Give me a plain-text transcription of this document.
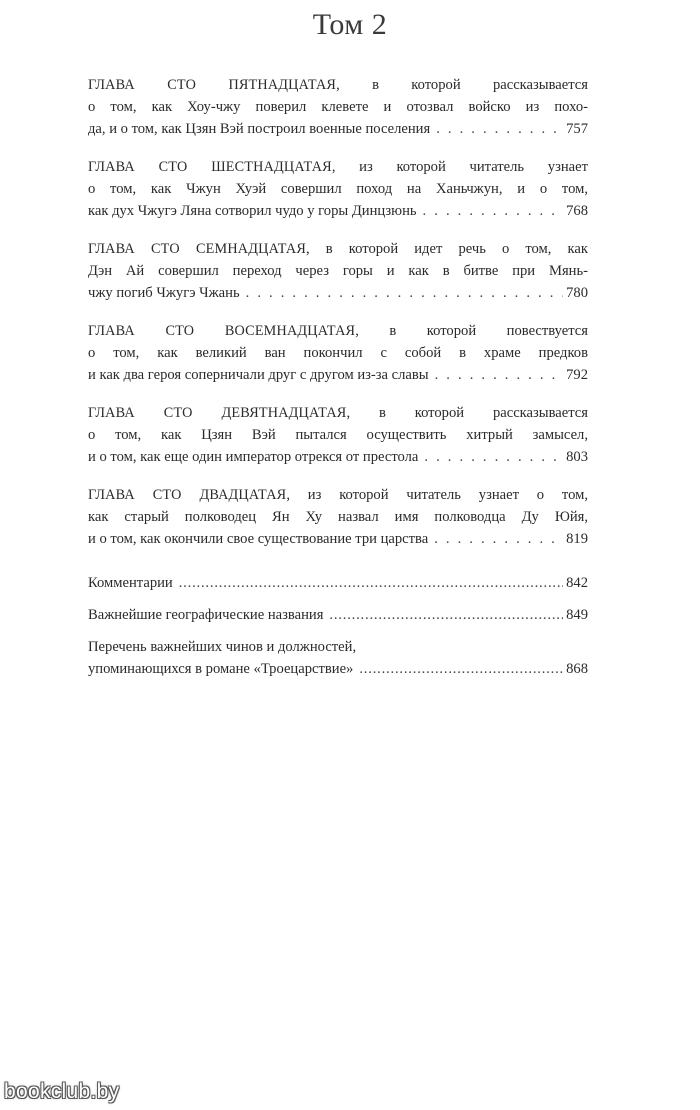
Том 2
ГЛАВА СТО ПЯТНАДЦАТАЯ, в которой рассказывается
о том, как Хоу-чжу поверил клевете и отозвал войско из похо-
да, и о том, как Цзян Вэй построил военные поселения . . .	757
ГЛАВА СТО ШЕСТНАДЦАТАЯ, из которой читатель узнает
о том, как Чжун Хуэй совершил поход на Ханьчжун, и о том,
как дух Чжугэ Ляна сотворил чудо у горы Динцзюнь . . .	768
ГЛАВА СТО СЕМНАДЦАТАЯ, в которой идет речь о том, как
Дэн Ай совершил переход через горы и как в битве при Мянь-
чжу погиб Чжугэ Чжань . . .	780
ГЛАВА СТО ВОСЕМНАДЦАТАЯ, в которой повествуется
о том, как великий ван покончил с собой в храме предков
и как два героя соперничали друг с другом из-за славы . . .	792
ГЛАВА СТО ДЕВЯТНАДЦАТАЯ, в которой рассказывается
о том, как Цзян Вэй пытался осуществить хитрый замысел,
и о том, как еще один император отрекся от престола . . .	803
ГЛАВА СТО ДВАДЦАТАЯ, из которой читатель узнает о том,
как старый полководец Ян Ху назвал имя полководца Ду Юйя,
и о том, как окончили свое существование три царства . . .	819
Комментарии .....	842
Важнейшие географические названия .....	849
Перечень важнейших чинов и должностей,
упоминающихся в романе «Троецарствие» .....	868
bookclub.by
